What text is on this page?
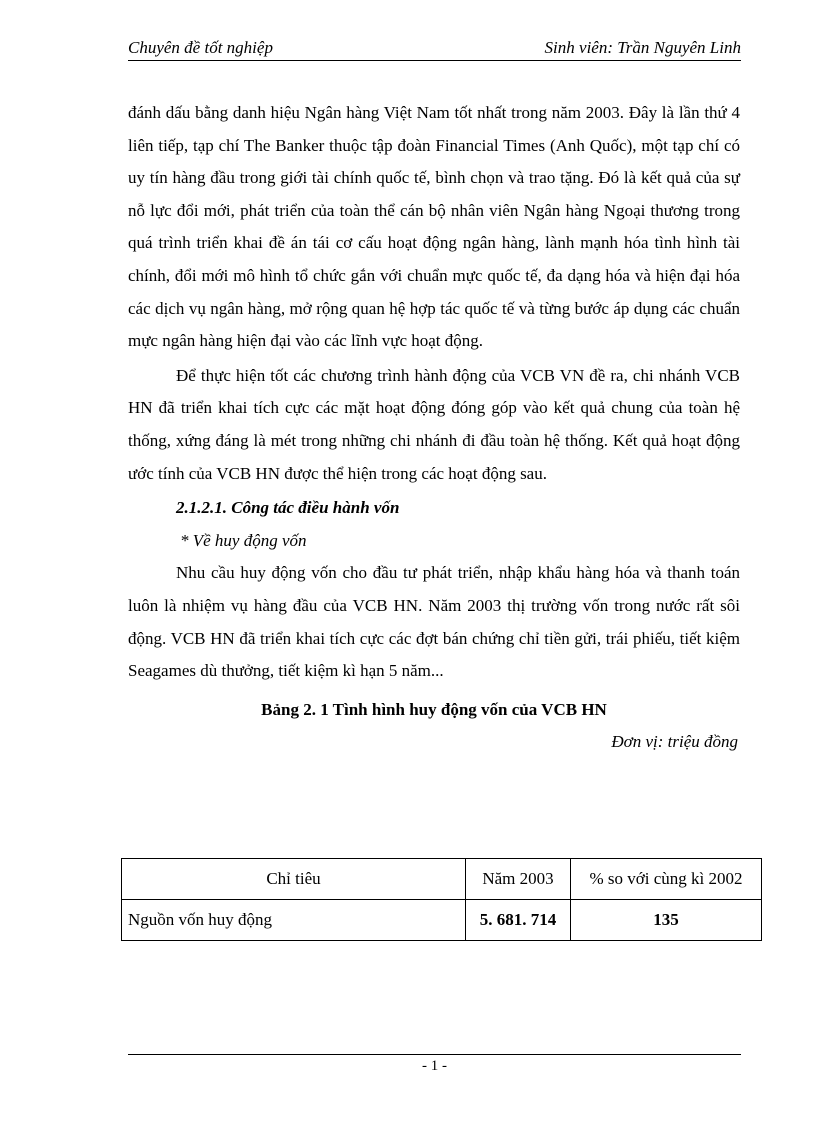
Chuyên đề tốt nghiệp	Sinh viên: Trần Nguyên Linh

đánh dấu bằng danh hiệu Ngân hàng Việt Nam tốt nhất trong năm 2003. Đây là lần thứ 4 liên tiếp, tạp chí The Banker thuộc tập đoàn Financial Times (Anh Quốc), một tạp chí có uy tín hàng đầu trong giới tài chính quốc tế, bình chọn và trao tặng. Đó là kết quả của sự nỗ lực đổi mới, phát triển của toàn thể cán bộ nhân viên Ngân hàng Ngoại thương trong quá trình triển khai đề án tái cơ cấu hoạt động ngân hàng, lành mạnh hóa tình hình tài chính, đổi mới mô hình tổ chức gắn với chuẩn mực quốc tế, đa dạng hóa và hiện đại hóa các dịch vụ ngân hàng, mở rộng quan hệ hợp tác quốc tế và từng bước áp dụng các chuẩn mực ngân hàng hiện đại vào các lĩnh vực hoạt động.

Để thực hiện tốt các chương trình hành động của VCB VN đề ra, chi nhánh VCB HN đã triển khai tích cực các mặt hoạt động đóng góp vào kết quả chung của toàn hệ thống, xứng đáng là mét trong những chi nhánh đi đầu toàn hệ thống. Kết quả hoạt động ước tính của VCB HN được thể hiện trong các hoạt động sau.

2.1.2.1. Công tác điều hành vốn

* Về huy động vốn

Nhu cầu huy động vốn cho đầu tư phát triển, nhập khẩu hàng hóa và thanh toán luôn là nhiệm vụ hàng đầu của VCB HN. Năm 2003 thị trường vốn trong nước rất sôi động. VCB HN đã triển khai tích cực các đợt bán chứng chỉ tiền gửi, trái phiếu, tiết kiệm Seagames dù thưởng, tiết kiệm kì hạn 5 năm...

Bảng 2. 1 Tình hình huy động vốn của VCB HN

Đơn vị: triệu đồng

Chỉ tiêu	Năm 2003	% so với cùng kì 2002
Nguồn vốn huy động	5. 681. 714	135
- 1 -
